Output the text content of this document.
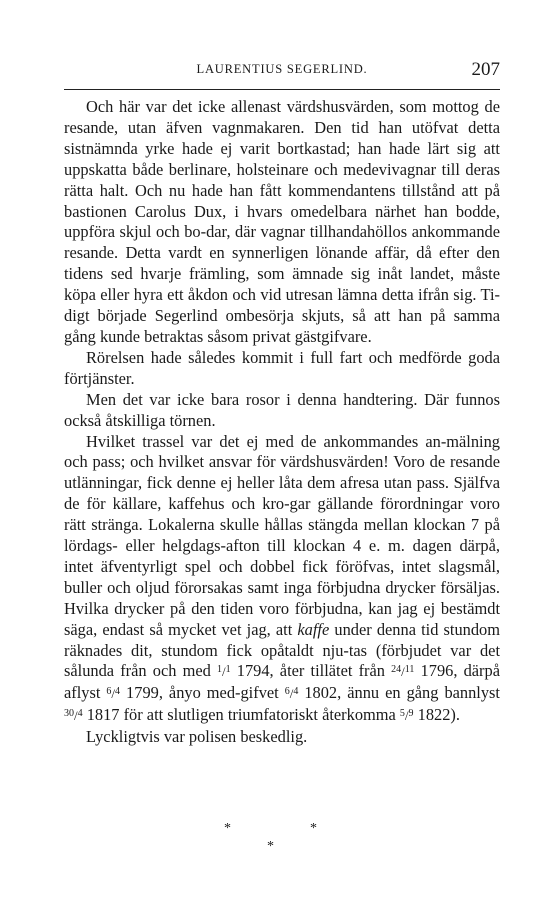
LAURENTIUS SEGERLIND.	207

Och här var det icke allenast värdshusvärden, som mottog de resande, utan äfven vagnmakaren. Den tid han utöfvat detta sistnämnda yrke hade ej varit bortkastad; han hade lärt sig att uppskatta både berlinare, holsteinare och medevivagnar till deras rätta halt. Och nu hade han fått kommendantens tillstånd att på bastionen Carolus Dux, i hvars omedelbara närhet han bodde, uppföra skjul och bo-dar, där vagnar tillhandahöllos ankommande resande. Detta vardt en synnerligen lönande affär, då efter den tidens sed hvarje främling, som ämnade sig inåt landet, måste köpa eller hyra ett åkdon och vid utresan lämna detta ifrån sig. Ti-digt började Segerlind ombesörja skjuts, så att han på samma gång kunde betraktas såsom privat gästgifvare.

Rörelsen hade således kommit i full fart och medförde goda förtjänster.

Men det var icke bara rosor i denna handtering. Där funnos också åtskilliga törnen.

Hvilket trassel var det ej med de ankommandes an-mälning och pass; och hvilket ansvar för värdshusvärden! Voro de resande utlänningar, fick denne ej heller låta dem afresa utan pass. Själfva de för källare, kaffehus och kro-gar gällande förordningar voro rätt stränga. Lokalerna skulle hållas stängda mellan klockan 7 på lördags- eller helgdags-afton till klockan 4 e. m. dagen därpå, intet äfventyrligt spel och dobbel fick föröfvas, intet slagsmål, buller och oljud förorsakas samt inga förbjudna drycker försäljas. Hvilka drycker på den tiden voro förbjudna, kan jag ej bestämdt säga, endast så mycket vet jag, att kaffe under denna tid stundom räknades dit, stundom fick opåtaldt nju-tas (förbjudet var det sålunda från och med $^1$/$^1$ 1794, åter tillätet från $^{24}$/$^{11}$ 1796, därpå aflyst $^6$/$^4$ 1799, ånyo med-gifvet $^6$/$^4$ 1802, ännu en gång bannlyst $^{30}$/$^4$ 1817 för att slutligen triumfatoriskt återkomma $^5$/$^9$ 1822).

Lyckligtvis var polisen beskedlig.

*	*
*
